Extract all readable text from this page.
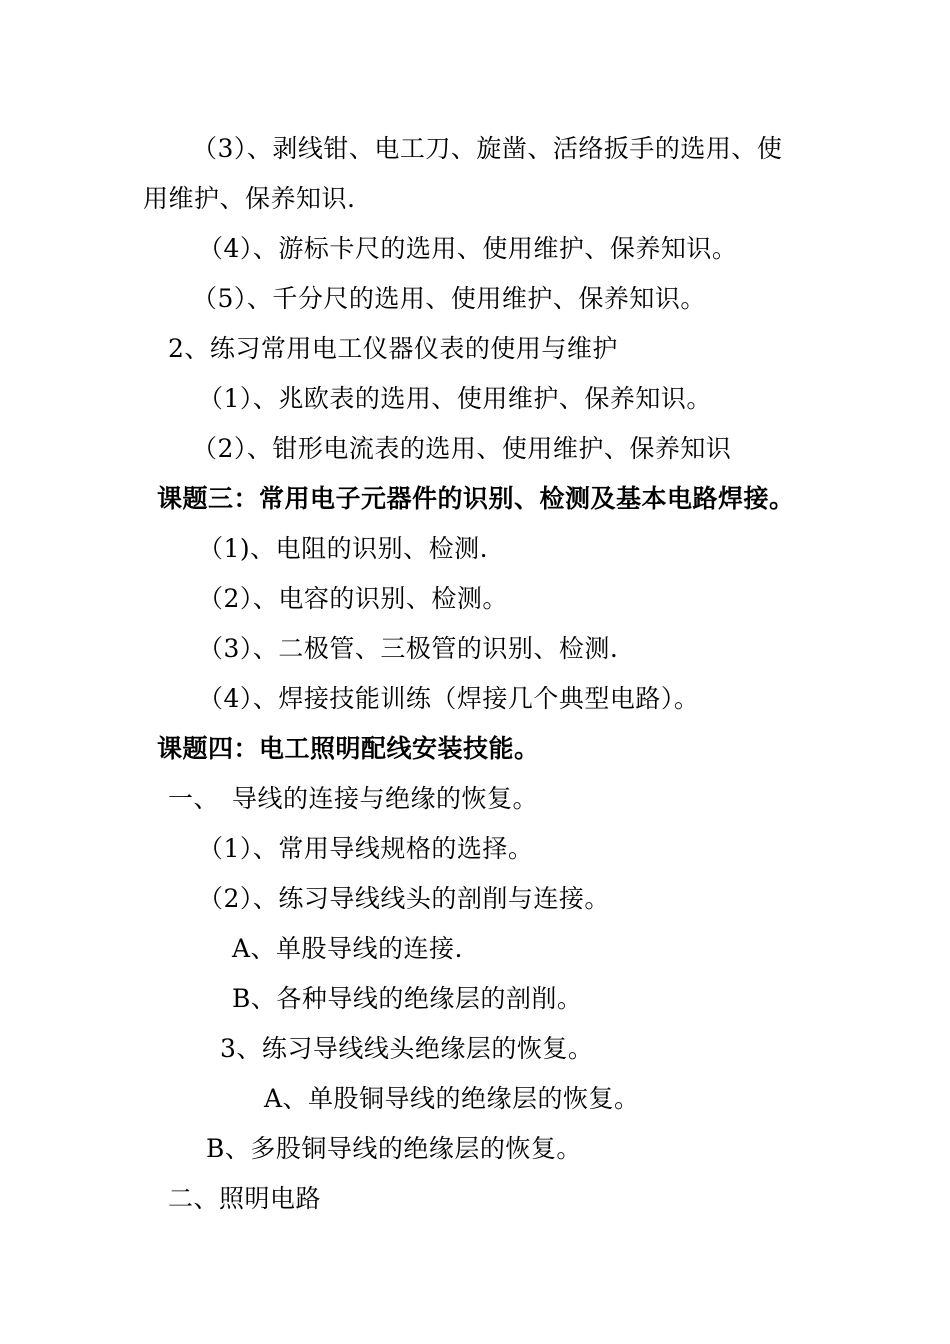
（3）、剥线钳、电工刀、旋凿、活络扳手的选用、使
用维护、保养知识.
（4）、游标卡尺的选用、使用维护、保养知识。
（5）、千分尺的选用、使用维护、保养知识。
2、练习常用电工仪器仪表的使用与维护
（1）、兆欧表的选用、使用维护、保养知识。
（2）、钳形电流表的选用、使用维护、保养知识
课题三：常用电子元器件的识别、检测及基本电路焊接。
（1)、电阻的识别、检测.
（2）、电容的识别、检测。
（3）、二极管、三极管的识别、检测.
（4）、焊接技能训练（焊接几个典型电路）。
课题四：电工照明配线安装技能。
一、　导线的连接与绝缘的恢复。
（1）、常用导线规格的选择。
（2）、练习导线线头的剖削与连接。
A、单股导线的连接.
B、各种导线的绝缘层的剖削。
3、练习导线线头绝缘层的恢复。
A、单股铜导线的绝缘层的恢复。
B、多股铜导线的绝缘层的恢复。
二、照明电路
